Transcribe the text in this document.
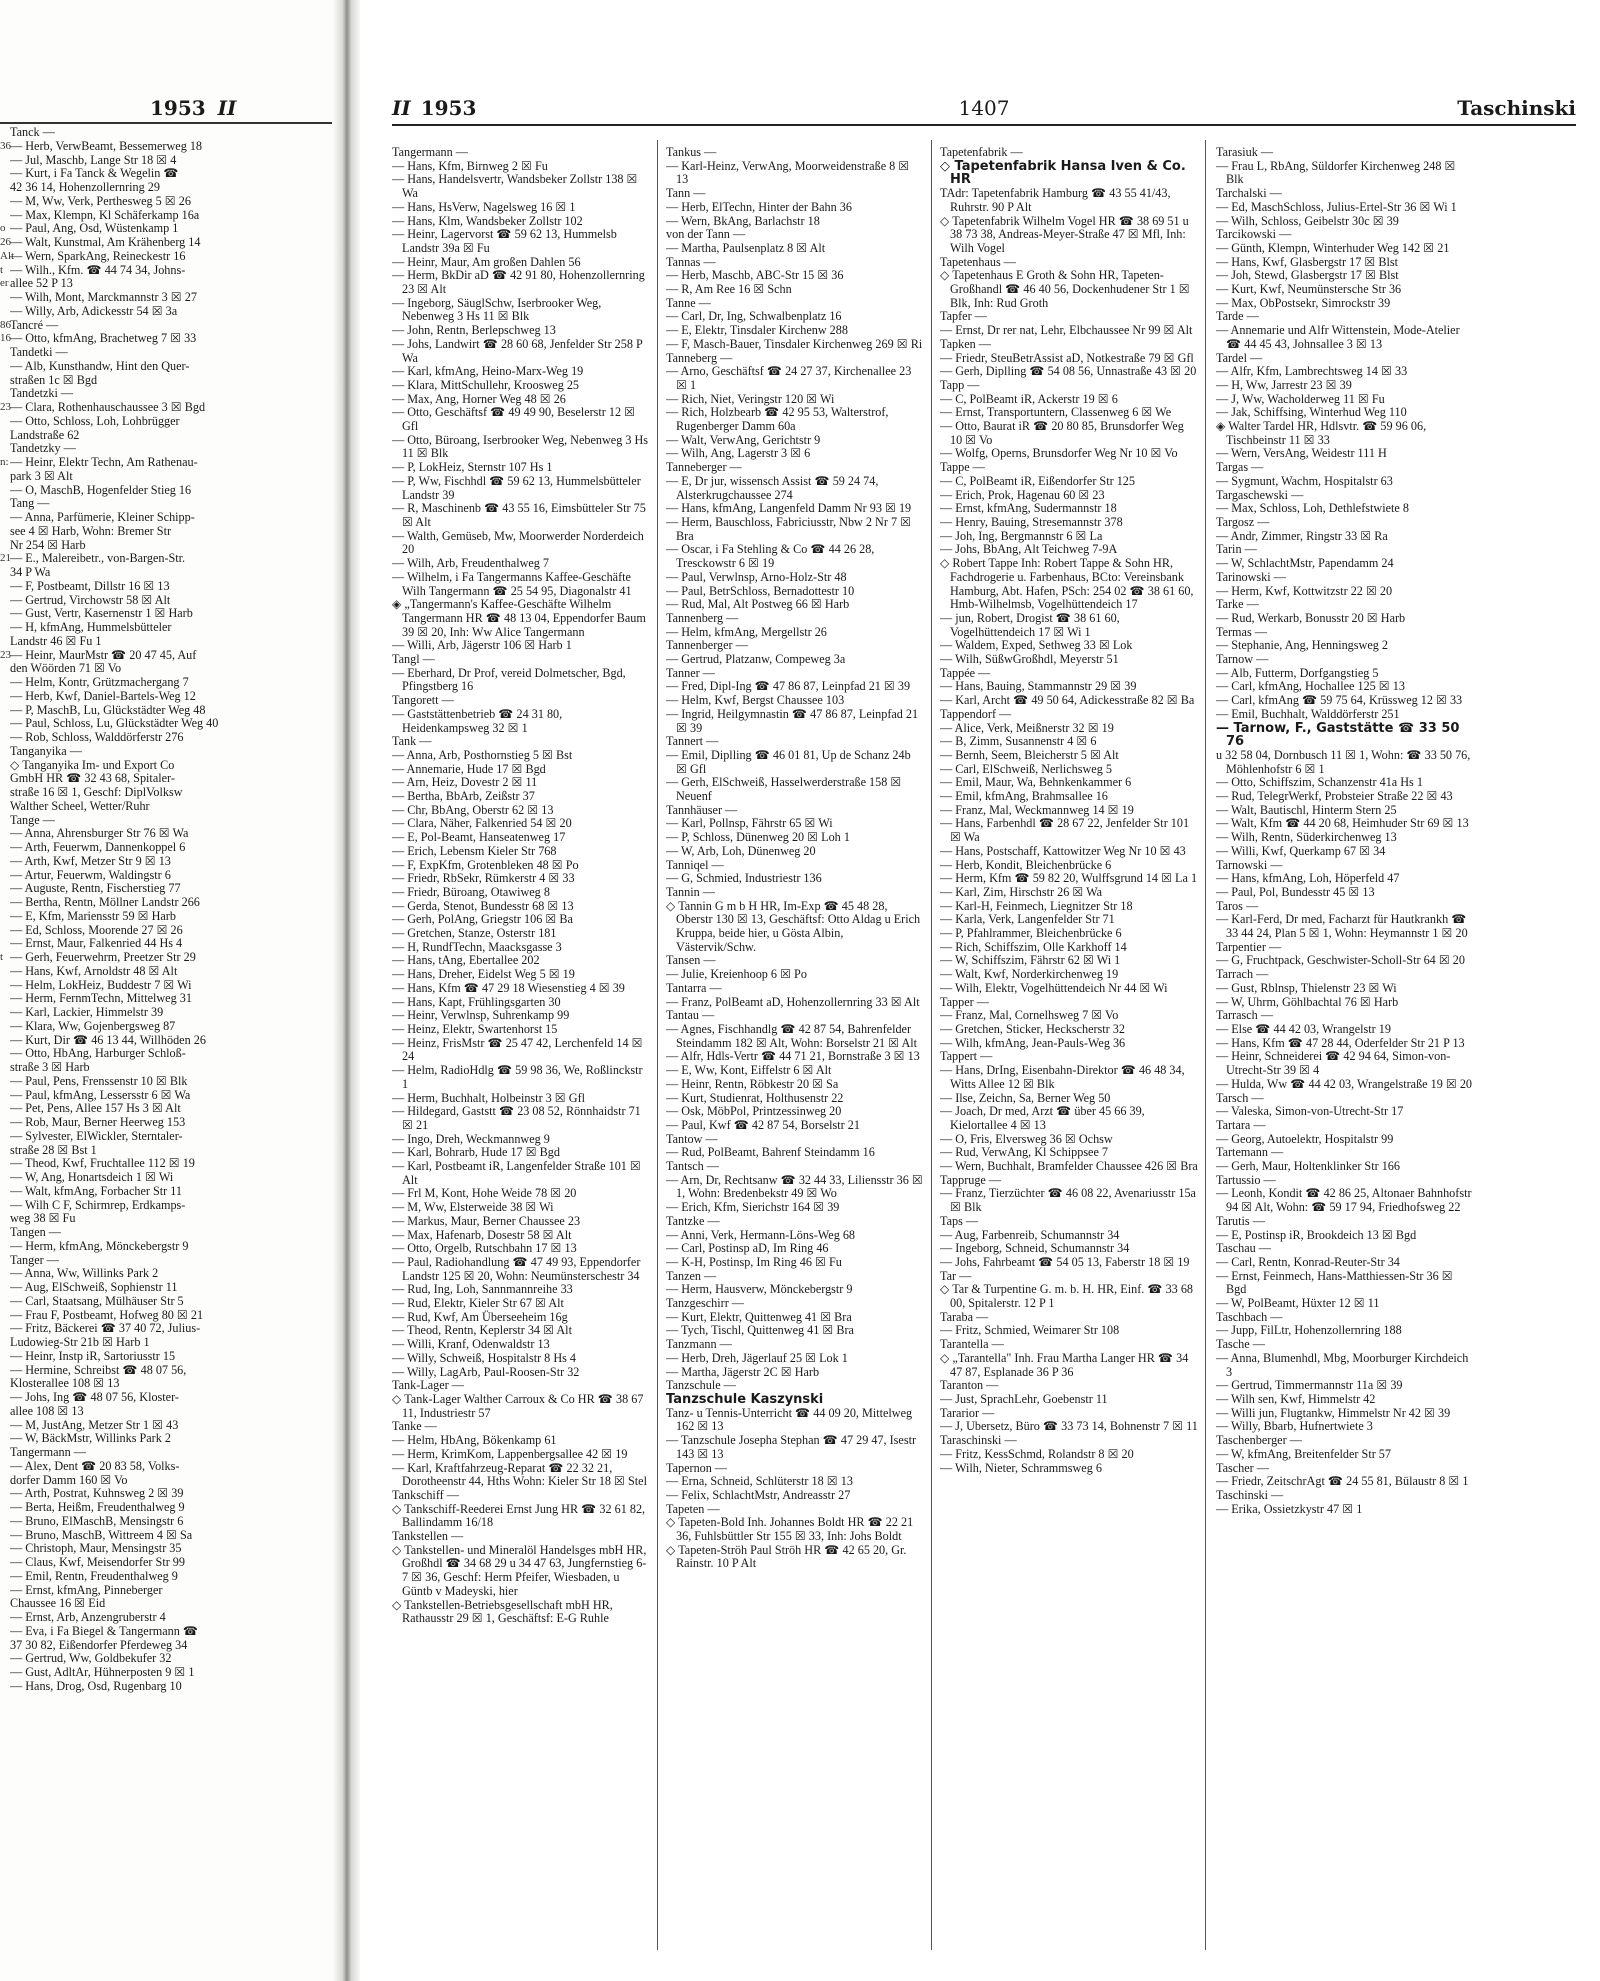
1953 II
Tanck —
36 — Herb, VerwBeamt, Bessemerweg 18
— Jul, Maschb, Lange Str 18 ☒ 4
— Kurt, i Fa Tanck & Wegelin ☎
42 36 14, Hohenzollernring 29
— M, Ww, Verk, Perthesweg 5 ☒ 26
— Max, Klempn, Kl Schäferkamp 16a
o — Paul, Ang, Osd, Wüstenkamp 1
26 — Walt, Kunstmal, Am Krähenberg 14
Alt
— Wern, SparkAng, Reineckestr 16
t — Wilh., Kfm. ☎ 44 74 34, Johns-
er allee 52 P 13
— Wilh, Mont, Marckmannstr 3 ☒ 27
— Willy, Arb, Adickesstr 54 ☒ 3a
86 Tancré —
16 — Otto, kfmAng, Brachetweg 7 ☒ 33
Tandetki —
— Alb, Kunsthandw, Hint den Quer-
straßen 1c ☒ Bgd
Tandetzki —
23 — Clara, Rothenhauschaussee 3 ☒ Bgd
— Otto, Schloss, Loh, Lohbrügger
Landstraße 62
Tandetzky —
n: — Heinr, Elektr Techn, Am Rathenau-
park 3 ☒ Alt
— O, MaschB, Hogenfelder Stieg 16
Tang —
— Anna, Parfümerie, Kleiner Schipp-
see 4 ☒ Harb, Wohn: Bremer Str
Nr 254 ☒ Harb
21 — E., Malereibetr., von-Bargen-Str.
34 P Wa
— F, Postbeamt, Dillstr 16 ☒ 13
— Gertrud, Virchowstr 58 ☒ Alt
— Gust, Vertr, Kasernenstr 1 ☒ Harb
— H, kfmAng, Hummelsbütteler
Landstr 46 ☒ Fu 1
23 — Heinr, MaurMstr ☎ 20 47 45, Auf
den Wöörden 71 ☒ Vo
— Helm, Kontr, Grützmachergang 7
— Herb, Kwf, Daniel-Bartels-Weg 12
— P, MaschB, Lu, Glückstädter Weg 48
— Paul, Schloss, Lu, Glückstädter Weg 40
— Rob, Schloss, Walddörferstr 276
Tanganyika —
◇ Tanganyika Im- und Export Co
GmbH HR ☎ 32 43 68, Spitaler-
straße 16 ☒ 1, Geschf: DiplVolksw
Walther Scheel, Wetter/Ruhr
Tange —
— Anna, Ahrensburger Str 76 ☒ Wa
— Arth, Feuerwm, Dannenkoppel 6
— Arth, Kwf, Metzer Str 9 ☒ 13
— Artur, Feuerwm, Waldingstr 6
— Auguste, Rentn, Fischerstieg 77
— Bertha, Rentn, Möllner Landstr 266
— E, Kfm, Mariensstr 59 ☒ Harb
— Ed, Schloss, Moorende 27 ☒ 26
— Ernst, Maur, Falkenried 44 Hs 4
t — Gerh, Feuerwehrm, Preetzer Str 29
— Hans, Kwf, Arnoldstr 48 ☒ Alt
— Helm, LokHeiz, Buddestr 7 ☒ Wi
— Herm, FernmTechn, Mittelweg 31
— Karl, Lackier, Himmelstr 39
— Klara, Ww, Gojenbergsweg 87
— Kurt, Dir ☎ 46 13 44, Willhöden 26
— Otto, HbAng, Harburger Schloß-
straße 3 ☒ Harb
— Paul, Pens, Frenssenstr 10 ☒ Blk
— Paul, kfmAng, Lessersstr 6 ☒ Wa
— Pet, Pens, Allee 157 Hs 3 ☒ Alt
— Rob, Maur, Berner Heerweg 153
— Sylvester, ElWickler, Sterntaler-
straße 28 ☒ Bst 1
— Theod, Kwf, Fruchtallee 112 ☒ 19
— W, Ang, Honartsdeich 1 ☒ Wi
— Walt, kfmAng, Forbacher Str 11
— Wilh C F, Schirmrep, Erdkamps-
weg 38 ☒ Fu
Tangen —
— Herm, kfmAng, Mönckebergstr 9
Tanger —
— Anna, Ww, Willinks Park 2
— Aug, ElSchweiß, Sophienstr 11
— Carl, Staatsang, Mülhäuser Str 5
— Frau F, Postbeamt, Hofweg 80 ☒ 21
— Fritz, Bäckerei ☎ 37 40 72, Julius-
Ludowieg-Str 21b ☒ Harb 1
— Heinr, Instp iR, Sartoriusstr 15
— Hermine, Schreibst ☎ 48 07 56,
Klosterallee 108 ☒ 13
— Johs, Ing ☎ 48 07 56, Kloster-
allee 108 ☒ 13
— M, JustAng, Metzer Str 1 ☒ 43
— W, BäckMstr, Willinks Park 2
Tangermann —
— Alex, Dent ☎ 20 83 58, Volks-
dorfer Damm 160 ☒ Vo
— Arth, Postrat, Kuhnsweg 2 ☒ 39
— Berta, Heißm, Freudenthalweg 9
— Bruno, ElMaschB, Mensingstr 6
— Bruno, MaschB, Wittreem 4 ☒ Sa
— Christoph, Maur, Mensingstr 35
— Claus, Kwf, Meisendorfer Str 99
— Emil, Rentn, Freudenthalweg 9
— Ernst, kfmAng, Pinneberger
Chaussee 16 ☒ Eid
— Ernst, Arb, Anzengruberstr 4
— Eva, i Fa Biegel & Tangermann ☎
37 30 82, Eißendorfer Pferdeweg 34
— Gertrud, Ww, Goldbekufer 32
— Gust, AdltAr, Hühnerposten 9 ☒ 1
— Hans, Drog, Osd, Rugenbarg 10
II 1953	1407	Taschinski
Tangermann —
— Hans, Kfm, Birnweg 2 ☒ Fu
— Hans, Handelsvertr, Wandsbeker Zollstr 138 ☒ Wa
— Hans, HsVerw, Nagelsweg 16 ☒ 1
— Hans, Klm, Wandsbeker Zollstr 102
— Heinr, Lagervorst ☎ 59 62 13, Hummelsb Landstr 39a ☒ Fu
— Heinr, Maur, Am großen Dahlen 56
— Herm, BkDir aD ☎ 42 91 80, Hohenzollernring 23 ☒ Alt
— Ingeborg, SäuglSchw, Iserbrooker Weg, Nebenweg 3 Hs 11 ☒ Blk
— John, Rentn, Berlepschweg 13
— Johs, Landwirt ☎ 28 60 68, Jenfelder Str 258 P Wa
— Karl, kfmAng, Heino-Marx-Weg 19
— Klara, MittSchullehr, Kroosweg 25
— Max, Ang, Horner Weg 48 ☒ 26
— Otto, Geschäftsf ☎ 49 49 90, Beselerstr 12 ☒ Gfl
— Otto, Büroang, Iserbrooker Weg, Nebenweg 3 Hs 11 ☒ Blk
— P, LokHeiz, Sternstr 107 Hs 1
— P, Ww, Fischhdl ☎ 59 62 13, Hummelsbütteler Landstr 39
— R, Maschinenb ☎ 43 55 16, Eimsbütteler Str 75 ☒ Alt
— Walth, Gemüseb, Mw, Moorwerder Norderdeich 20
— Wilh, Arb, Freudenthalweg 7
— Wilhelm, i Fa Tangermanns Kaffee-Geschäfte Wilh Tangermann ☎ 25 54 95, Diagonalstr 41
◈ „Tangermann's Kaffee-Geschäfte Wilhelm Tangermann HR ☎ 48 13 04, Eppendorfer Baum 39 ☒ 20, Inh: Ww Alice Tangermann
— Willi, Arb, Jägerstr 106 ☒ Harb 1
Tangl —
— Eberhard, Dr Prof, vereid Dolmetscher, Bgd, Pfingstberg 16
Tangorett —
— Gaststättenbetrieb ☎ 24 31 80, Heidenkampsweg 32 ☒ 1
Tank —
— Anna, Arb, Posthornstieg 5 ☒ Bst
— Annemarie, Hude 17 ☒ Bgd
— Arn, Heiz, Dovestr 2 ☒ 11
— Bertha, BbArb, Zeißstr 37
— Chr, BbAng, Oberstr 62 ☒ 13
— Clara, Näher, Falkenried 54 ☒ 20
— E, Pol-Beamt, Hanseatenweg 17
— Erich, Lebensm Kieler Str 768
— F, ExpKfm, Grotenbleken 48 ☒ Po
— Friedr, RbSekr, Rümkerstr 4 ☒ 33
— Friedr, Büroang, Otawiweg 8
— Gerda, Stenot, Bundesstr 68 ☒ 13
— Gerh, PolAng, Griegstr 106 ☒ Ba
— Gretchen, Stanze, Osterstr 181
— H, RundfTechn, Maacksgasse 3
— Hans, tAng, Ebertallee 202
— Hans, Dreher, Eidelst Weg 5 ☒ 19
— Hans, Kfm ☎ 47 29 18 Wiesenstieg 4 ☒ 39
— Hans, Kapt, Frühlingsgarten 30
— Heinr, Verwlnsp, Suhrenkamp 99
— Heinz, Elektr, Swartenhorst 15
— Heinz, FrisMstr ☎ 25 47 42, Lerchenfeld 14 ☒ 24
— Helm, RadioHdlg ☎ 59 98 36, We, Roßlinckstr 1
— Herm, Buchhalt, Holbeinstr 3 ☒ Gfl
— Hildegard, Gaststt ☎ 23 08 52, Rönnhaidstr 71 ☒ 21
— Ingo, Dreh, Weckmannweg 9
— Karl, Bohrarb, Hude 17 ☒ Bgd
— Karl, Postbeamt iR, Langenfelder Straße 101 ☒ Alt
— Frl M, Kont, Hohe Weide 78 ☒ 20
— M, Ww, Elsterweide 38 ☒ Wi
— Markus, Maur, Berner Chaussee 23
— Max, Hafenarb, Dosestr 58 ☒ Alt
— Otto, Orgelb, Rutschbahn 17 ☒ 13
— Paul, Radiohandlung ☎ 47 49 93, Eppendorfer Landstr 125 ☒ 20, Wohn: Neumünsterschestr 34
— Rud, Ing, Loh, Sannmannreihe 33
— Rud, Elektr, Kieler Str 67 ☒ Alt
— Rud, Kwf, Am Überseeheim 16g
— Theod, Rentn, Keplerstr 34 ☒ Alt
— Willi, Kranf, Odenwaldstr 13
— Willy, Schweiß, Hospitalstr 8 Hs 4
— Willy, LagArb, Paul-Roosen-Str 32
Tank-Lager —
◇ Tank-Lager Walther Carroux & Co HR ☎ 38 67 11, Industriestr 57
Tanke —
— Helm, HbAng, Bökenkamp 61
— Herm, KrimKom, Lappenbergsallee 42 ☒ 19
— Karl, Kraftfahrzeug-Reparat ☎ 22 32 21, Dorotheenstr 44, Hths Wohn: Kieler Str 18 ☒ Stel
Tankschiff —
◇ Tankschiff-Reederei Ernst Jung HR ☎ 32 61 82, Ballindamm 16/18
Tankstellen —
◇ Tankstellen- und Mineralöl Handelsges mbH HR, Großhdl ☎ 34 68 29 u 34 47 63, Jungfernstieg 6-7 ☒ 36, Geschf: Herm Pfeifer, Wiesbaden, u Güntb v Madeyski, hier
◇ Tankstellen-Betriebsgesellschaft mbH HR, Rathausstr 29 ☒ 1, Geschäftsf: E-G Ruhle
Tankus —
— Karl-Heinz, VerwAng, Moorweidenstraße 8 ☒ 13
Tann —
— Herb, ElTechn, Hinter der Bahn 36
— Wern, BkAng, Barlachstr 18
von der Tann —
— Martha, Paulsenplatz 8 ☒ Alt
Tannas —
— Herb, Maschb, ABC-Str 15 ☒ 36
— R, Am Ree 16 ☒ Schn
Tanne —
— Carl, Dr, Ing, Schwalbenplatz 16
— E, Elektr, Tinsdaler Kirchenw 288
— F, Masch-Bauer, Tinsdaler Kirchenweg 269 ☒ Ri
Tanneberg —
— Arno, Geschäftsf ☎ 24 27 37, Kirchenallee 23 ☒ 1
— Rich, Niet, Veringstr 120 ☒ Wi
— Rich, Holzbearb ☎ 42 95 53, Walterstrof, Rugenberger Damm 60a
— Walt, VerwAng, Gerichtstr 9
— Wilh, Ang, Lagerstr 3 ☒ 6
Tanneberger —
— E, Dr jur, wissensch Assist ☎ 59 24 74, Alsterkrugchaussee 274
— Hans, kfmAng, Langenfeld Damm Nr 93 ☒ 19
— Herm, Bauschloss, Fabriciusstr, Nbw 2 Nr 7 ☒ Bra
— Oscar, i Fa Stehling & Co ☎ 44 26 28, Tresckowstr 6 ☒ 19
— Paul, Verwlnsp, Arno-Holz-Str 48
— Paul, BetrSchloss, Bernadottestr 10
— Rud, Mal, Alt Postweg 66 ☒ Harb
Tannenberg —
— Helm, kfmAng, Mergellstr 26
Tannenberger —
— Gertrud, Platzanw, Compeweg 3a
Tanner —
— Fred, Dipl-Ing ☎ 47 86 87, Leinpfad 21 ☒ 39
— Helm, Kwf, Bergst Chaussee 103
— Ingrid, Heilgymnastin ☎ 47 86 87, Leinpfad 21 ☒ 39
Tannert —
— Emil, Diplling ☎ 46 01 81, Up de Schanz 24b ☒ Gfl
— Gerh, ElSchweiß, Hasselwerderstraße 158 ☒ Neuenf
Tannhäuser —
— Karl, Pollnsp, Fährstr 65 ☒ Wi
— P, Schloss, Dünenweg 20 ☒ Loh 1
— W, Arb, Loh, Dünenweg 20
Tanniqel —
— G, Schmied, Industriestr 136
Tannin —
◇ Tannin G m b H HR, Im-Exp ☎ 45 48 28, Oberstr 130 ☒ 13, Geschäftsf: Otto Aldag u Erich Kruppa, beide hier, u Gösta Albin, Västervik/Schw.
Tansen —
— Julie, Kreienhoop 6 ☒ Po
Tantarra —
— Franz, PolBeamt aD, Hohenzollernring 33 ☒ Alt
Tantau —
— Agnes, Fischhandlg ☎ 42 87 54, Bahrenfelder Steindamm 182 ☒ Alt, Wohn: Borselstr 21 ☒ Alt
— Alfr, Hdls-Vertr ☎ 44 71 21, Bornstraße 3 ☒ 13
— E, Ww, Kont, Eiffelstr 6 ☒ Alt
— Heinr, Rentn, Röbkestr 20 ☒ Sa
— Kurt, Studienrat, Holthusenstr 22
— Osk, MöbPol, Printzessinweg 20
— Paul, Kwf ☎ 42 87 54, Borselstr 21
Tantow —
— Rud, PolBeamt, Bahrenf Steindamm 16
Tantsch —
— Arn, Dr, Rechtsanw ☎ 32 44 33, Liliensstr 36 ☒ 1, Wohn: Bredenbekstr 49 ☒ Wo
— Erich, Kfm, Sierichstr 164 ☒ 39
Tantzke —
— Anni, Verk, Hermann-Löns-Weg 68
— Carl, Postinsp aD, Im Ring 46
— K-H, Postinsp, Im Ring 46 ☒ Fu
Tanzen —
— Herm, Hausverw, Mönckebergstr 9
Tanzgeschirr —
— Kurt, Elektr, Quittenweg 41 ☒ Bra
— Tych, Tischl, Quittenweg 41 ☒ Bra
Tanzmann —
— Herb, Dreh, Jägerlauf 25 ☒ Lok 1
— Martha, Jägerstr 2C ☒ Harb
Tanzschule —
Tanzschule Kaszynski
Tanz- u Tennis-Unterricht ☎ 44 09 20, Mittelweg 162 ☒ 13
— Tanzschule Josepha Stephan ☎ 47 29 47, Isestr 143 ☒ 13
Tapernon —
— Erna, Schneid, Schlüterstr 18 ☒ 13
— Felix, SchlachtMstr, Andreasstr 27
Tapeten —
◇ Tapeten-Bold Inh. Johannes Boldt HR ☎ 22 21 36, Fuhlsbüttler Str 155 ☒ 33, Inh: Johs Boldt
◇ Tapeten-Ströh Paul Ströh HR ☎ 42 65 20, Gr. Rainstr. 10 P Alt
Tapetenfabrik —
◇ Tapetenfabrik Hansa Iven & Co. HR
TAdr: Tapetenfabrik Hamburg ☎ 43 55 41/43, Ruhrstr. 90 P Alt
◇ Tapetenfabrik Wilhelm Vogel HR ☎ 38 69 51 u 38 73 38, Andreas-Meyer-Straße 47 ☒ Mfl, Inh: Wilh Vogel
Tapetenhaus —
◇ Tapetenhaus E Groth & Sohn HR, Tapeten-Großhandl ☎ 46 40 56, Dockenhudener Str 1 ☒ Blk, Inh: Rud Groth
Tapfer —
— Ernst, Dr rer nat, Lehr, Elbchaussee Nr 99 ☒ Alt
Tapken —
— Friedr, SteuBetrAssist aD, Notkestraße 79 ☒ Gfl
— Gerh, Diplling ☎ 54 08 56, Unnastraße 43 ☒ 20
Tapp —
— C, PolBeamt iR, Ackerstr 19 ☒ 6
— Ernst, Transportuntern, Classenweg 6 ☒ We
— Otto, Baurat iR ☎ 20 80 85, Brunsdorfer Weg 10 ☒ Vo
— Wolfg, Operns, Brunsdorfer Weg Nr 10 ☒ Vo
Tappe —
— C, PolBeamt iR, Eißendorfer Str 125
— Erich, Prok, Hagenau 60 ☒ 23
— Ernst, kfmAng, Sudermannstr 18
— Henry, Bauing, Stresemannstr 378
— Joh, Ing, Bergmannstr 6 ☒ La
— Johs, BbAng, Alt Teichweg 7-9A
◇ Robert Tappe Inh: Robert Tappe & Sohn HR, Fachdrogerie u. Farbenhaus, BCto: Vereinsbank Hamburg, Abt. Hafen, PSch: 254 02 ☎ 38 61 60, Hmb-Wilhelmsb, Vogelhüttendeich 17
— jun, Robert, Drogist ☎ 38 61 60, Vogelhüttendeich 17 ☒ Wi 1
— Waldem, Exped, Sethweg 33 ☒ Lok
— Wilh, SüßwGroßhdl, Meyerstr 51
Tappée —
— Hans, Bauing, Stammannstr 29 ☒ 39
— Karl, Archt ☎ 49 50 64, Adickesstraße 82 ☒ Ba
Tappendorf —
— Alice, Verk, Meißnerstr 32 ☒ 19
— B, Zimm, Susannenstr 4 ☒ 6
— Bernh, Seem, Bleicherstr 5 ☒ Alt
— Carl, ElSchweiß, Nerlichsweg 5
— Emil, Maur, Wa, Behnkenkammer 6
— Emil, kfmAng, Brahmsallee 16
— Franz, Mal, Weckmannweg 14 ☒ 19
— Hans, Farbenhdl ☎ 28 67 22, Jenfelder Str 101 ☒ Wa
— Hans, Postschaff, Kattowitzer Weg Nr 10 ☒ 43
— Herb, Kondit, Bleichenbrücke 6
— Herm, Kfm ☎ 59 82 20, Wulffsgrund 14 ☒ La 1
— Karl, Zim, Hirschstr 26 ☒ Wa
— Karl-H, Feinmech, Liegnitzer Str 18
— Karla, Verk, Langenfelder Str 71
— P, Pfahlrammer, Bleichenbrücke 6
— Rich, Schiffszim, Olle Karkhoff 14
— W, Schiffszim, Fährstr 62 ☒ Wi 1
— Walt, Kwf, Norderkirchenweg 19
— Wilh, Elektr, Vogelhüttendeich Nr 44 ☒ Wi
Tapper —
— Franz, Mal, Cornelhsweg 7 ☒ Vo
— Gretchen, Sticker, Heckscherstr 32
— Wilh, kfmAng, Jean-Pauls-Weg 36
Tappert —
— Hans, DrIng, Eisenbahn-Direktor ☎ 46 48 34, Witts Allee 12 ☒ Blk
— Ilse, Zeichn, Sa, Berner Weg 50
— Joach, Dr med, Arzt ☎ über 45 66 39, Kielortallee 4 ☒ 13
— O, Fris, Elversweg 36 ☒ Ochsw
— Rud, VerwAng, Kl Schippsee 7
— Wern, Buchhalt, Bramfelder Chaussee 426 ☒ Bra
Tappruge —
— Franz, Tierzüchter ☎ 46 08 22, Avenariusstr 15a ☒ Blk
Taps —
— Aug, Farbenreib, Schumannstr 34
— Ingeborg, Schneid, Schumannstr 34
— Johs, Fahrbeamt ☎ 54 05 13, Faberstr 18 ☒ 19
Tar —
◇ Tar & Turpentine G. m. b. H. HR, Einf. ☎ 33 68 00, Spitalerstr. 12 P 1
Taraba —
— Fritz, Schmied, Weimarer Str 108
Tarantella —
◇ „Tarantella" Inh. Frau Martha Langer HR ☎ 34 47 87, Esplanade 36 P 36
Taranton —
— Just, SprachLehr, Goebenstr 11
Tararior —
— J, Ubersetz, Büro ☎ 33 73 14, Bohnenstr 7 ☒ 11
Taraschinski —
— Fritz, KessSchmd, Rolandstr 8 ☒ 20
— Wilh, Nieter, Schrammsweg 6
Tarasiuk —
— Frau L, RbAng, Süldorfer Kirchenweg 248 ☒ Blk
Tarchalski —
— Ed, MaschSchloss, Julius-Ertel-Str 36 ☒ Wi 1
— Wilh, Schloss, Geibelstr 30c ☒ 39
Tarcikowski —
— Günth, Klempn, Winterhuder Weg 142 ☒ 21
— Hans, Kwf, Glasbergstr 17 ☒ Blst
— Joh, Stewd, Glasbergstr 17 ☒ Blst
— Kurt, Kwf, Neumünstersche Str 36
— Max, ObPostsekr, Simrockstr 39
Tarde —
— Annemarie und Alfr Wittenstein, Mode-Atelier ☎ 44 45 43, Johnsallee 3 ☒ 13
Tardel —
— Alfr, Kfm, Lambrechtsweg 14 ☒ 33
— H, Ww, Jarrestr 23 ☒ 39
— J, Ww, Wacholderweg 11 ☒ Fu
— Jak, Schiffsing, Winterhud Weg 110
◈ Walter Tardel HR, Hdlsvtr. ☎ 59 96 06, Tischbeinstr 11 ☒ 33
— Wern, VersAng, Weidestr 111 H
Targas —
— Sygmunt, Wachm, Hospitalstr 63
Targaschewski —
— Max, Schloss, Loh, Dethlefstwiete 8
Targosz —
— Andr, Zimmer, Ringstr 33 ☒ Ra
Tarin —
— W, SchlachtMstr, Papendamm 24
Tarinowski —
— Herm, Kwf, Kottwitzstr 22 ☒ 20
Tarke —
— Rud, Werkarb, Bonusstr 20 ☒ Harb
Termas —
— Stephanie, Ang, Henningsweg 2
Tarnow —
— Alb, Futterm, Dorfgangstieg 5
— Carl, kfmAng, Hochallee 125 ☒ 13
— Carl, kfmAng ☎ 59 75 64, Krüssweg 12 ☒ 33
— Emil, Buchhalt, Walddörferstr 251
— Tarnow, F., Gaststätte ☎ 33 50 76
u 32 58 04, Dornbusch 11 ☒ 1, Wohn: ☎ 33 50 76, Möhlenhofstr 6 ☒ 1
— Otto, Schiffszim, Schanzenstr 41a Hs 1
— Rud, TelegrWerkf, Probsteier Straße 22 ☒ 43
— Walt, Bautischl, Hinterm Stern 25
— Walt, Kfm ☎ 44 20 68, Heimhuder Str 69 ☒ 13
— Wilh, Rentn, Süderkirchenweg 13
— Willi, Kwf, Querkamp 67 ☒ 34
Tarnowski —
— Hans, kfmAng, Loh, Höperfeld 47
— Paul, Pol, Bundesstr 45 ☒ 13
Taros —
— Karl-Ferd, Dr med, Facharzt für Hautkrankh ☎ 33 44 24, Plan 5 ☒ 1, Wohn: Heymannstr 1 ☒ 20
Tarpentier —
— G, Fruchtpack, Geschwister-Scholl-Str 64 ☒ 20
Tarrach —
— Gust, Rblnsp, Thielenstr 23 ☒ Wi
— W, Uhrm, Göhlbachtal 76 ☒ Harb
Tarrasch —
— Else ☎ 44 42 03, Wrangelstr 19
— Hans, Kfm ☎ 47 28 44, Oderfelder Str 21 P 13
— Heinr, Schneiderei ☎ 42 94 64, Simon-von-Utrecht-Str 39 ☒ 4
— Hulda, Ww ☎ 44 42 03, Wrangelstraße 19 ☒ 20
Tarsch —
— Valeska, Simon-von-Utrecht-Str 17
Tartara —
— Georg, Autoelektr, Hospitalstr 99
Tartemann —
— Gerh, Maur, Holtenklinker Str 166
Tartussio —
— Leonh, Kondit ☎ 42 86 25, Altonaer Bahnhofstr 94 ☒ Alt, Wohn: ☎ 59 17 94, Friedhofsweg 22
Tarutis —
— E, Postinsp iR, Brookdeich 13 ☒ Bgd
Taschau —
— Carl, Rentn, Konrad-Reuter-Str 34
— Ernst, Feinmech, Hans-Matthiessen-Str 36 ☒ Bgd
— W, PolBeamt, Hüxter 12 ☒ 11
Taschbach —
— Jupp, FilLtr, Hohenzollernring 188
Tasche —
— Anna, Blumenhdl, Mbg, Moorburger Kirchdeich 3
— Gertrud, Timmermannstr 11a ☒ 39
— Wilh sen, Kwf, Himmelstr 42
— Willi jun, Flugtankw, Himmelstr Nr 42 ☒ 39
— Willy, Bbarb, Hufnertwiete 3
Taschenberger —
— W, kfmAng, Breitenfelder Str 57
Tascher —
— Friedr, ZeitschrAgt ☎ 24 55 81, Bülaustr 8 ☒ 1
Taschinski —
— Erika, Ossietzkystr 47 ☒ 1
